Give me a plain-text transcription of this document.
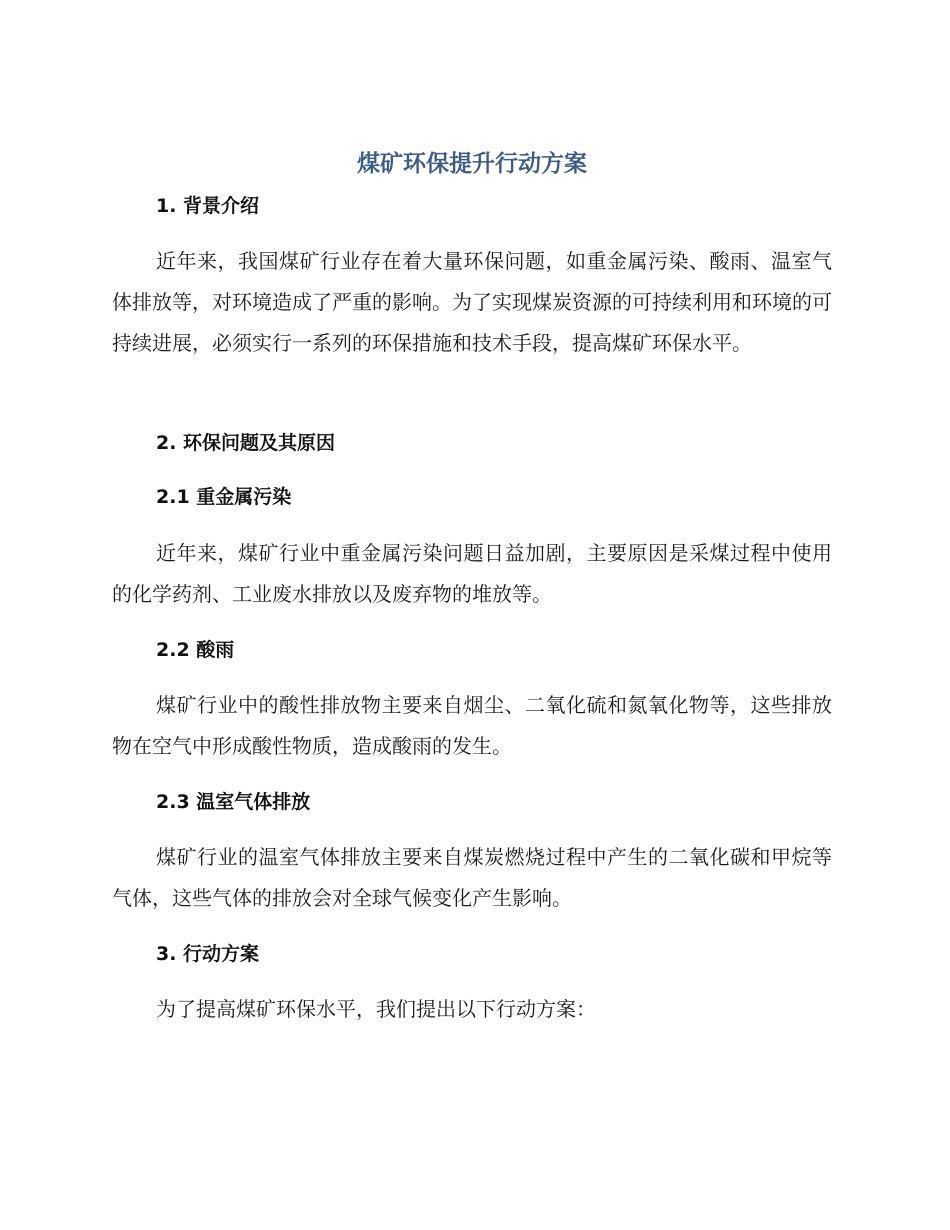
煤矿环保提升行动方案
1. 背景介绍

近年来，我国煤矿行业存在着大量环保问题，如重金属污染、酸雨、温室气体排放等，对环境造成了严重的影响。为了实现煤炭资源的可持续利用和环境的可持续进展，必须实行一系列的环保措施和技术手段，提高煤矿环保水平。

2. 环保问题及其原因
2.1 重金属污染

近年来，煤矿行业中重金属污染问题日益加剧，主要原因是采煤过程中使用的化学药剂、工业废水排放以及废弃物的堆放等。

2.2 酸雨

煤矿行业中的酸性排放物主要来自烟尘、二氧化硫和氮氧化物等，这些排放物在空气中形成酸性物质，造成酸雨的发生。

2.3 温室气体排放

煤矿行业的温室气体排放主要来自煤炭燃烧过程中产生的二氧化碳和甲烷等气体，这些气体的排放会对全球气候变化产生影响。

3. 行动方案

为了提高煤矿环保水平，我们提出以下行动方案：
